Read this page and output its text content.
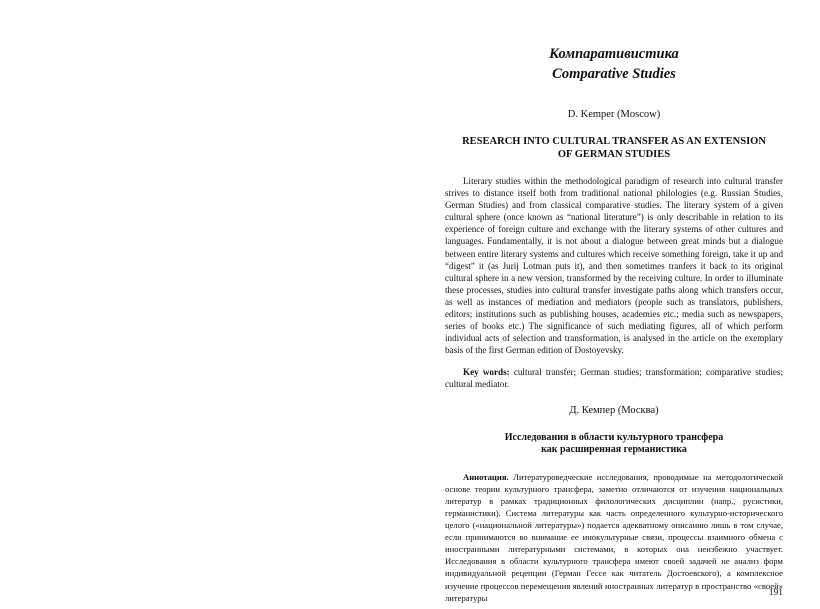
Компаративистика
Comparative Studies
D. Kemper (Moscow)
RESEARCH INTO CULTURAL TRANSFER AS AN EXTENSION
OF GERMAN STUDIES

Literary studies within the methodological paradigm of research into cultural transfer strives to distance itself both from traditional national philologies (e.g. Russian Studies, German Studies) and from classical comparative studies. The literary system of a given cultural sphere (once known as “national literature”) is only describable in relation to its experience of foreign culture and exchange with the literary systems of other cultures and languages. Fundamentally, it is not about a dialogue between great minds but a dialogue between entire literary systems and cultures which receive something foreign, take it up and “digest” it (as Jurij Lotman puts it), and then sometimes tranfers it back to its original cultural sphere in a new version, transformed by the receiving culture. In order to illuminate these processes, studies into cultural transfer investigate paths along which transfers occur, as well as instances of mediation and mediators (people such as translators, publishers, editors; institutions such as publishing houses, academies etc.; media such as newspapers, series of books etc.) The significance of such mediating figures, all of which perform individual acts of selection and transformation, is analysed in the article on the exemplary basis of the first German edition of Dostoyevsky.

Key words: cultural transfer; German studies; transformation; comparative studies; cultural mediator.

Д. Кемпер (Москва)
Исследования в области культурного трансфера
как расширенная германистика

Аннотация. Литературоведческие исследования, проводимые на методологической основе теории культурного трансфера, заметно отличаются от изучения национальных литератур в рамках традиционных филологических дисциплин (напр., русистики, германистики). Система литературы как часть определенного культурно-исторического целого («национальной литературы») подается адекватному описанию лишь в том случае, если принимаются во внимание ее инокультурные связи, процессы взаимного обмена с иностранными литературными системами, в которых она неизбежно участвует. Исследования в области культурного трансфера имеют своей задачей не анализ форм индивидуальной рецепции (Герман Гессе как читатель Достоевского), а комплексное изучение процессов перемещения явлений иностранных литератур в пространство «своей» литературы	191
